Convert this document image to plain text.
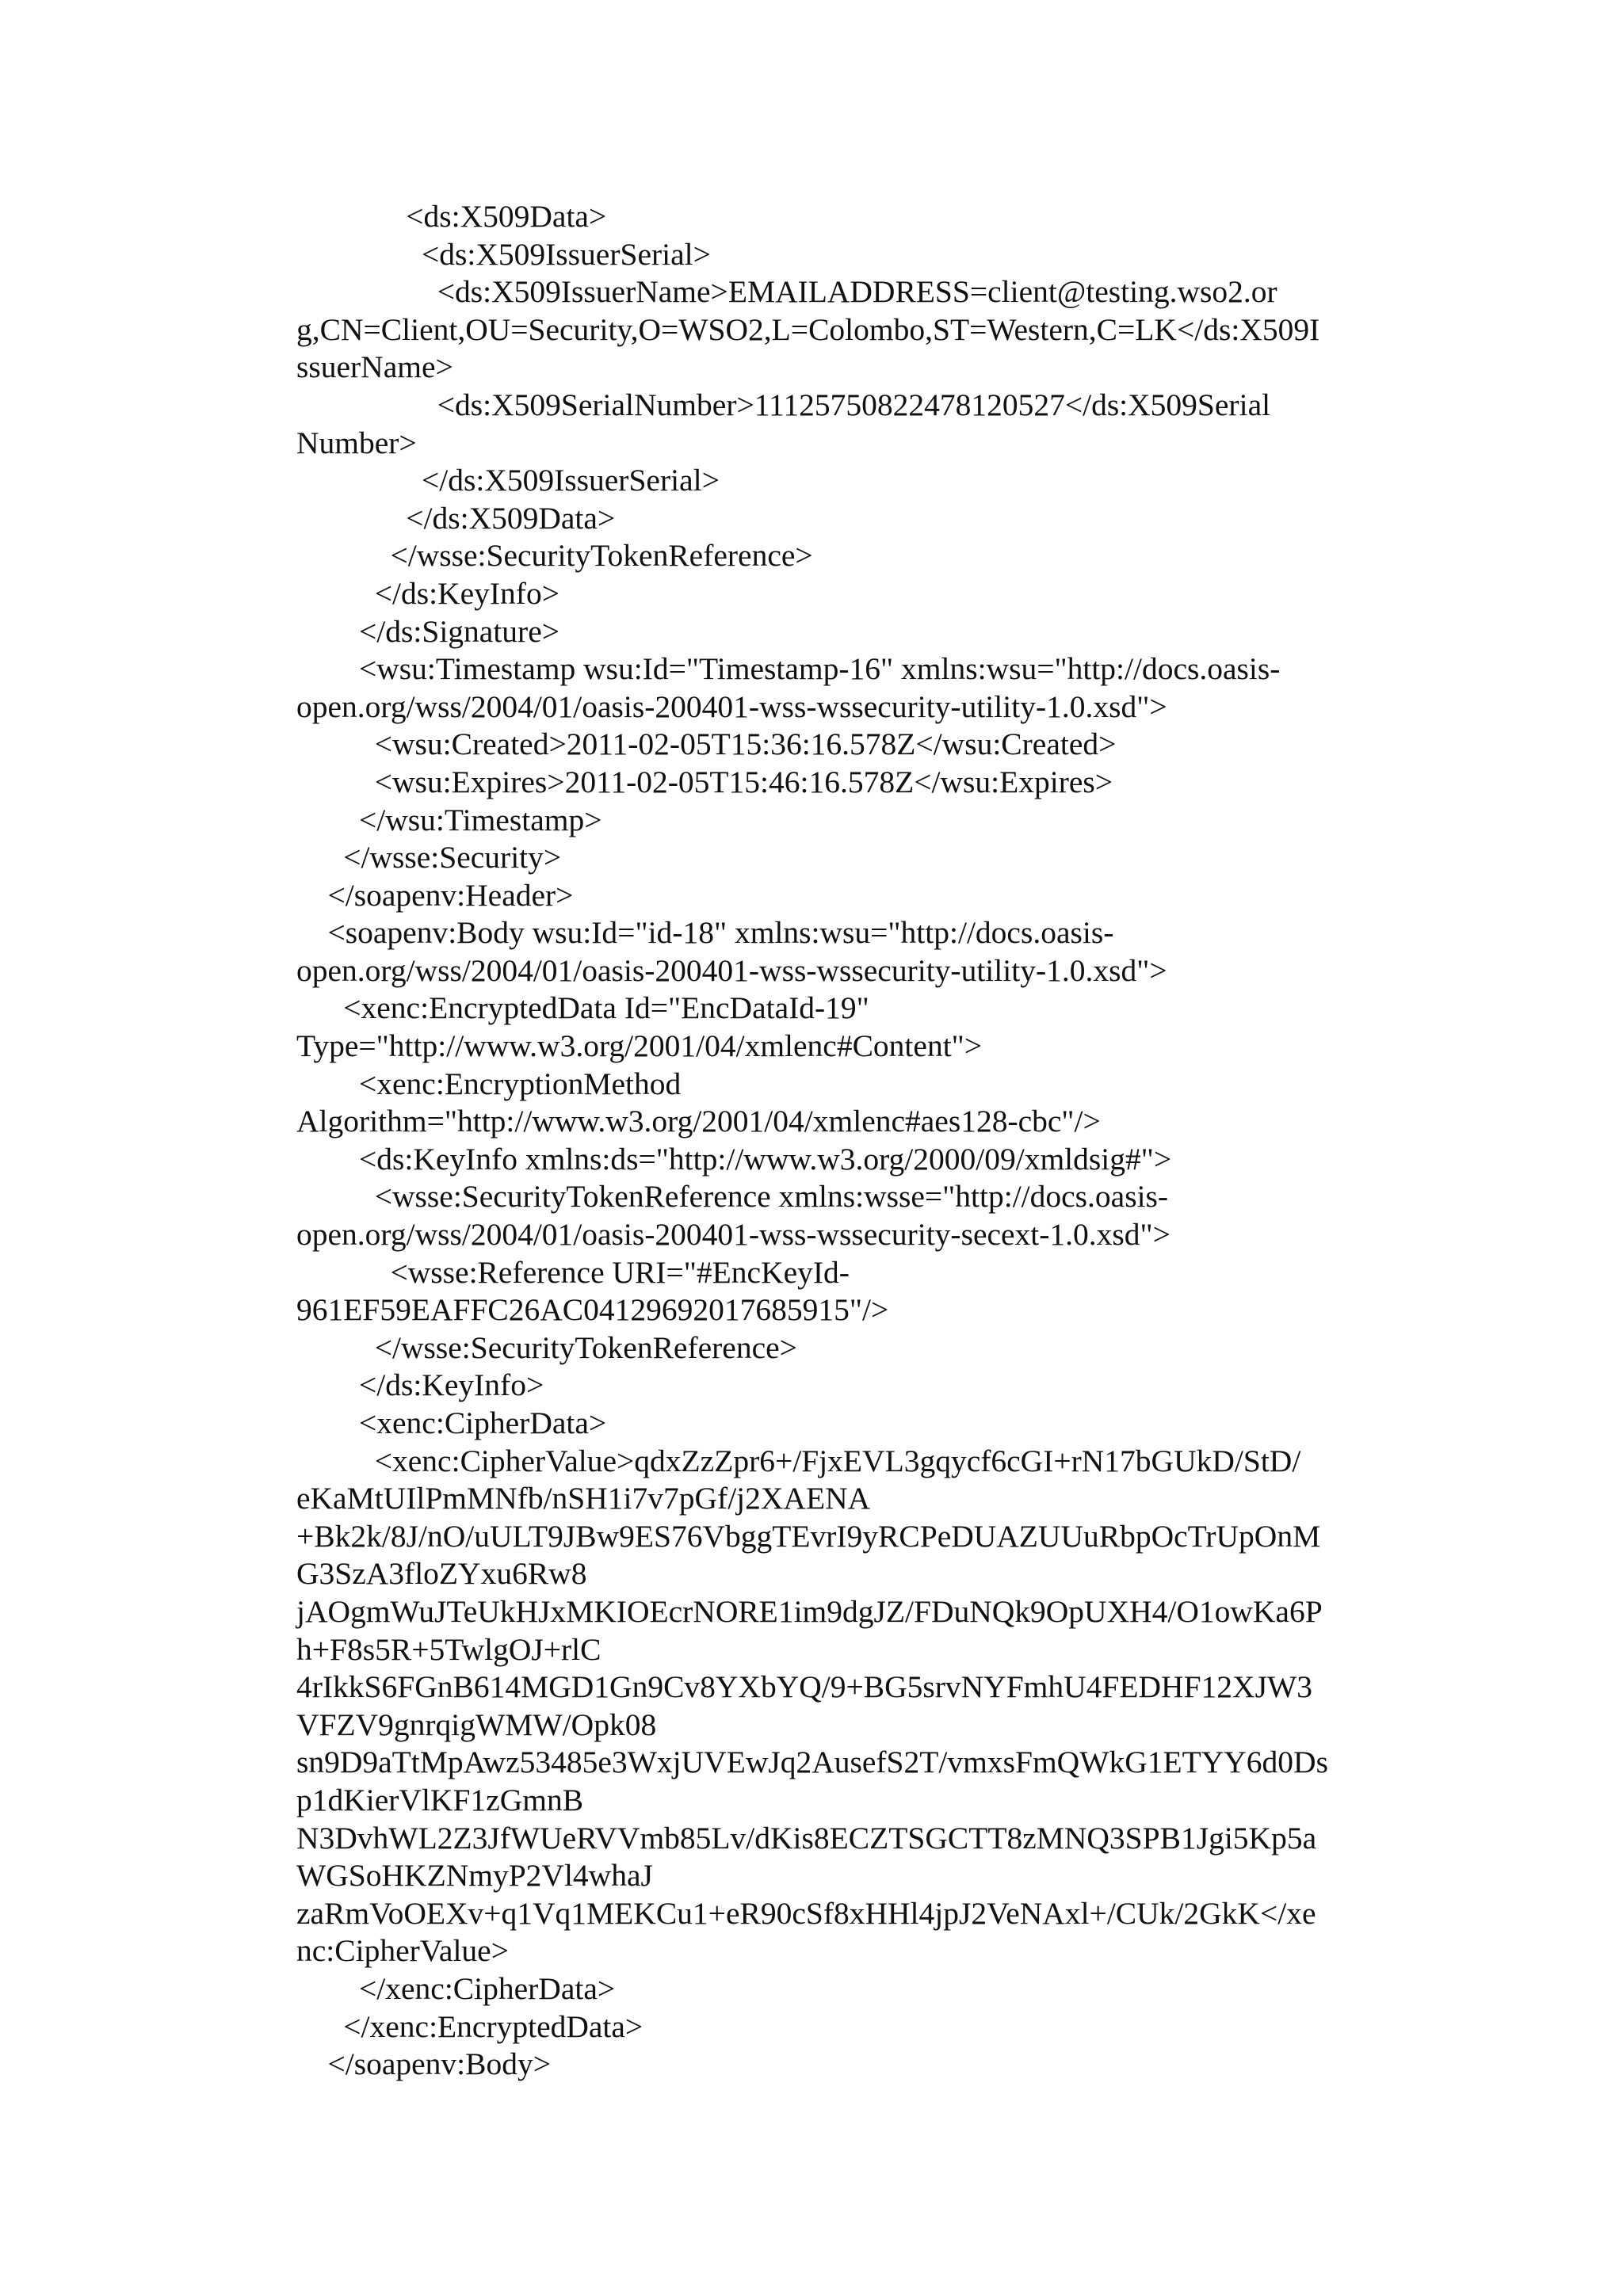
<ds:X509Data>
<ds:X509IssuerSerial>
<ds:X509IssuerName>EMAILADDRESS=client@testing.wso2.or
g,CN=Client,OU=Security,O=WSO2,L=Colombo,ST=Western,C=LK</ds:X509I
ssuerName>
<ds:X509SerialNumber>11125750822478120527</ds:X509Serial
Number>
</ds:X509IssuerSerial>
</ds:X509Data>
</wsse:SecurityTokenReference>
</ds:KeyInfo>
</ds:Signature>
<wsu:Timestamp wsu:Id="Timestamp-16" xmlns:wsu="http://docs.oasis-
open.org/wss/2004/01/oasis-200401-wss-wssecurity-utility-1.0.xsd">
<wsu:Created>2011-02-05T15:36:16.578Z</wsu:Created>
<wsu:Expires>2011-02-05T15:46:16.578Z</wsu:Expires>
</wsu:Timestamp>
</wsse:Security>
</soapenv:Header>
<soapenv:Body wsu:Id="id-18" xmlns:wsu="http://docs.oasis-
open.org/wss/2004/01/oasis-200401-wss-wssecurity-utility-1.0.xsd">
<xenc:EncryptedData Id="EncDataId-19"
Type="http://www.w3.org/2001/04/xmlenc#Content">
<xenc:EncryptionMethod
Algorithm="http://www.w3.org/2001/04/xmlenc#aes128-cbc"/>
<ds:KeyInfo xmlns:ds="http://www.w3.org/2000/09/xmldsig#">
<wsse:SecurityTokenReference xmlns:wsse="http://docs.oasis-
open.org/wss/2004/01/oasis-200401-wss-wssecurity-secext-1.0.xsd">
<wsse:Reference URI="#EncKeyId-
961EF59EAFFC26AC04129692017685915"/>
</wsse:SecurityTokenReference>
</ds:KeyInfo>
<xenc:CipherData>
<xenc:CipherValue>qdxZzZpr6+/FjxEVL3gqycf6cGI+rN17bGUkD/StD/
eKaMtUIlPmMNfb/nSH1i7v7pGf/j2XAENA
+Bk2k/8J/nO/uULT9JBw9ES76VbggTEvrI9yRCPeDUAZUUuRbpOcTrUpOnM
G3SzA3floZYxu6Rw8
jAOgmWuJTeUkHJxMKIOEcrNORE1im9dgJZ/FDuNQk9OpUXH4/O1owKa6P
h+F8s5R+5TwlgOJ+rlC
4rIkkS6FGnB614MGD1Gn9Cv8YXbYQ/9+BG5srvNYFmhU4FEDHF12XJW3
VFZV9gnrqigWMW/Opk08
sn9D9aTtMpAwz53485e3WxjUVEwJq2AusefS2T/vmxsFmQWkG1ETYY6d0Ds
p1dKierVlKF1zGmnB
N3DvhWL2Z3JfWUeRVVmb85Lv/dKis8ECZTSGCTT8zMNQ3SPB1Jgi5Kp5a
WGSoHKZNmyP2Vl4whaJ
zaRmVoOEXv+q1Vq1MEKCu1+eR90cSf8xHHl4jpJ2VeNAxl+/CUk/2GkK</xe
nc:CipherValue>
</xenc:CipherData>
</xenc:EncryptedData>
</soapenv:Body>
